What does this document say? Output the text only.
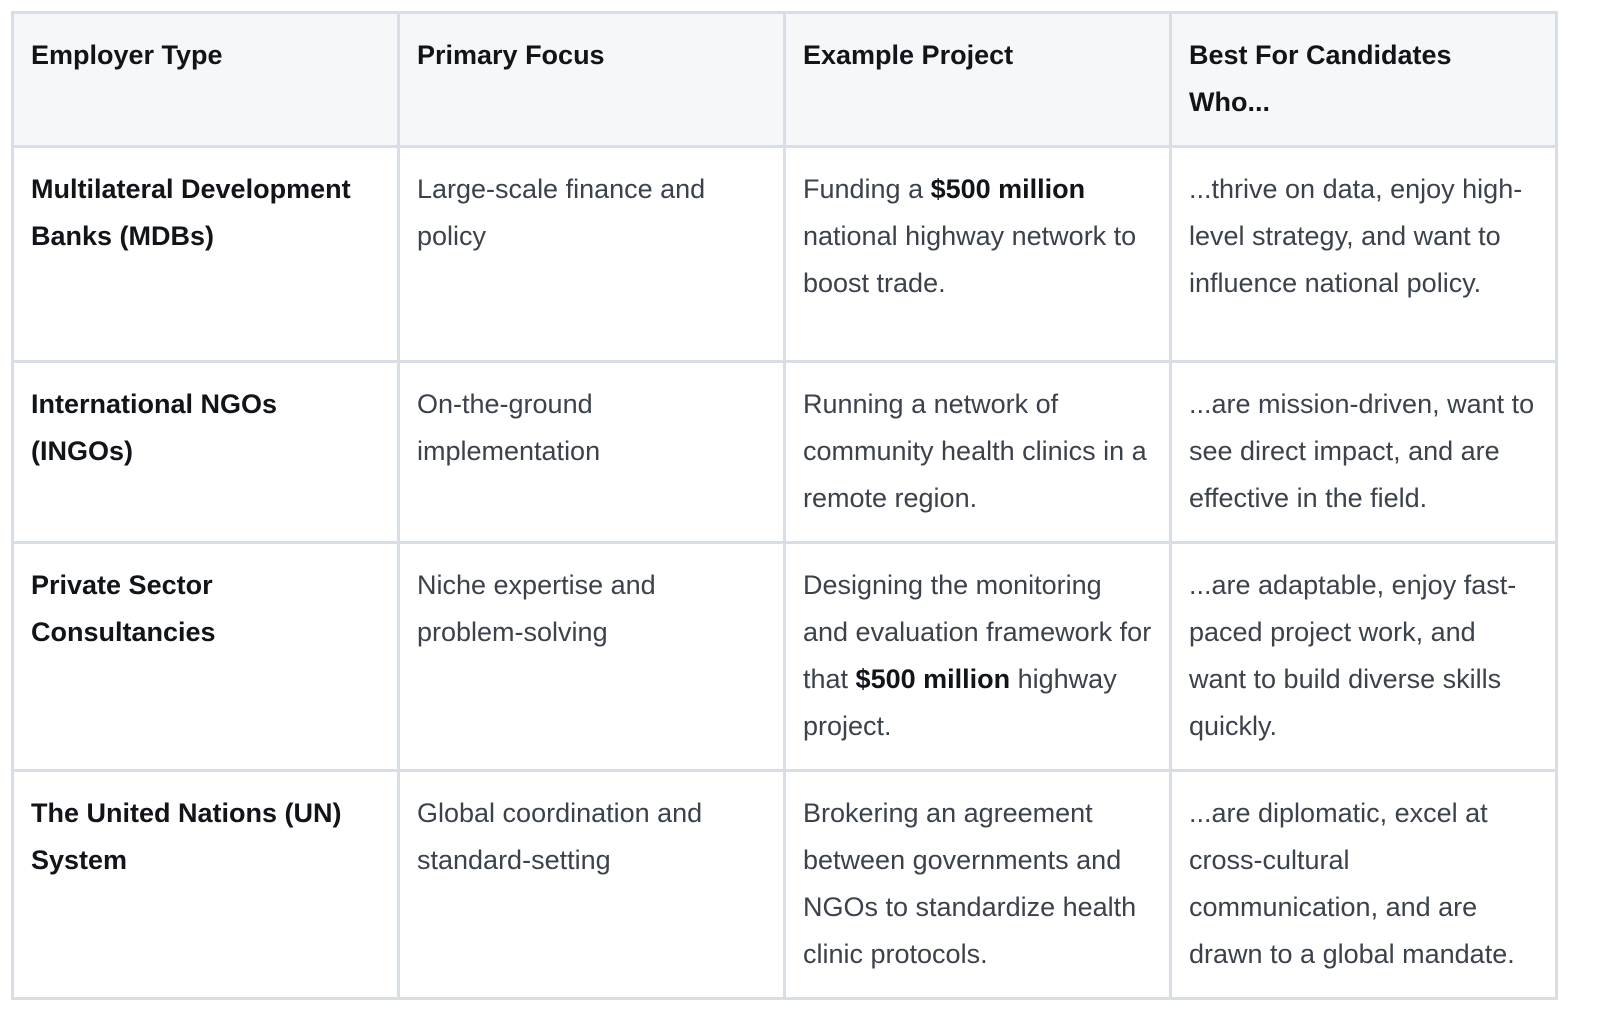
Employer Type	Primary Focus	Example Project	Best For Candidates Who...
Multilateral Development Banks (MDBs)	Large-scale finance and policy	Funding a $500 million national highway network to boost trade.	...thrive on data, enjoy high-level strategy, and want to influence national policy.
International NGOs (INGOs)	On-the-ground implementation	Running a network of community health clinics in a remote region.	...are mission-driven, want to see direct impact, and are effective in the field.
Private Sector Consultancies	Niche expertise and problem-solving	Designing the monitoring and evaluation framework for that $500 million highway project.	...are adaptable, enjoy fast-paced project work, and want to build diverse skills quickly.
The United Nations (UN) System	Global coordination and standard-setting	Brokering an agreement between governments and NGOs to standardize health clinic protocols.	...are diplomatic, excel at cross-cultural communication, and are drawn to a global mandate.
